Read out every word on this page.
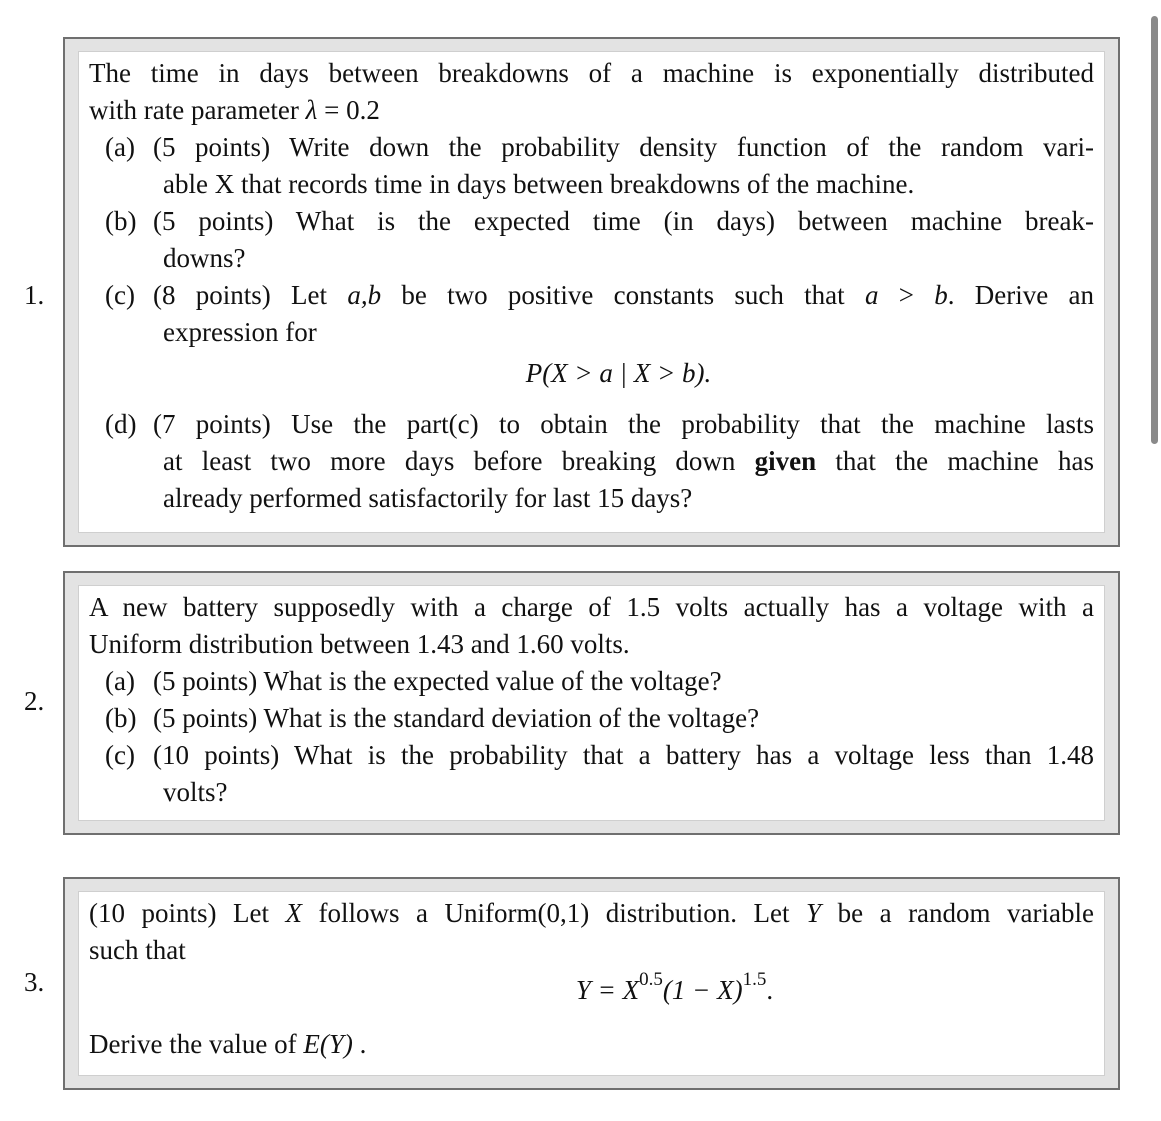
1.
The time in days between breakdowns of a machine is exponentially distributed
with rate parameter λ = 0.2
(a) (5 points) Write down the probability density function of the random vari-
able X that records time in days between breakdowns of the machine.
(b) (5 points) What is the expected time (in days) between machine break-
downs?
(c) (8 points) Let a,b be two positive constants such that a > b. Derive an
expression for
P(X > a | X > b).
(d) (7 points) Use the part(c) to obtain the probability that the machine lasts
at least two more days before breaking down given that the machine has
already performed satisfactorily for last 15 days?
2.
A new battery supposedly with a charge of 1.5 volts actually has a voltage with a
Uniform distribution between 1.43 and 1.60 volts.
(a) (5 points) What is the expected value of the voltage?
(b) (5 points) What is the standard deviation of the voltage?
(c) (10 points) What is the probability that a battery has a voltage less than 1.48
volts?
3.
(10 points) Let X follows a Uniform(0,1) distribution. Let Y be a random variable
such that
$Y = X^{0.5}(1 - X)^{1.5}$.
Derive the value of E(Y) .
